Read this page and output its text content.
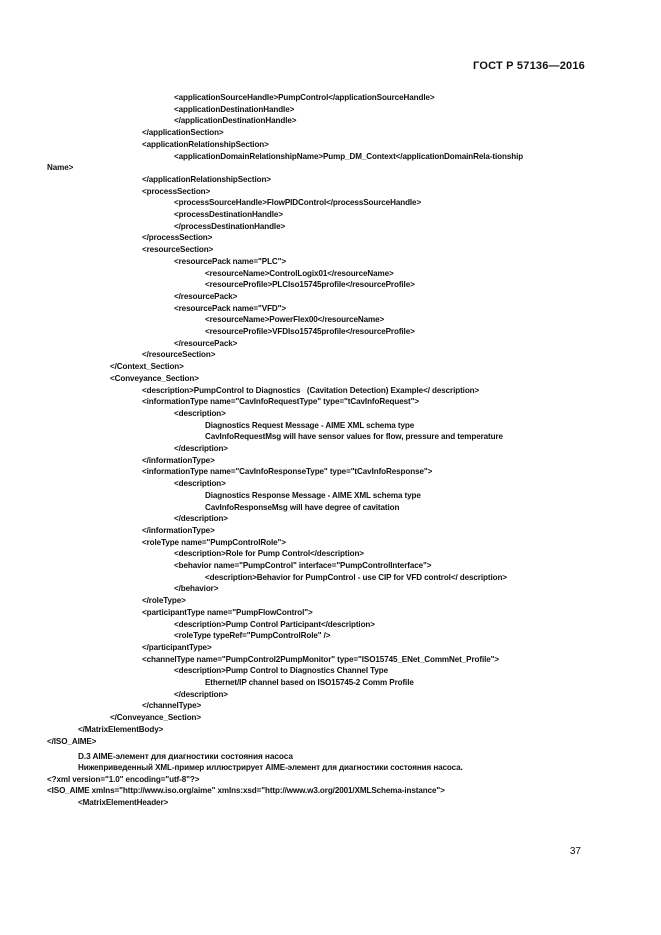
ГОСТ Р 57136—2016
<applicationSourceHandle>PumpControl</applicationSourceHandle>
<applicationDestinationHandle>
</applicationDestinationHandle>
</applicationSection>
<applicationRelationshipSection>
<applicationDomainRelationshipName>Pump_DM_Context</applicationDomainRela-tionship
Name>
</applicationRelationshipSection>
<processSection>
<processSourceHandle>FlowPIDControl</processSourceHandle>
<processDestinationHandle>
</processDestinationHandle>
</processSection>
<resourceSection>
<resourcePack name="PLC">
<resourceName>ControlLogix01</resourceName>
<resourceProfile>PLCIso15745profile</resourceProfile>
</resourcePack>
<resourcePack name="VFD">
<resourceName>PowerFlex00</resourceName>
<resourceProfile>VFDIso15745profile</resourceProfile>
</resourcePack>
</resourceSection>
</Context_Section>
<Conveyance_Section>
<description>PumpControl to Diagnostics   (Cavitation Detection) Example</ description>
<informationType name="CavInfoRequestType" type="tCavInfoRequest">
<description>
Diagnostics Request Message - AIME XML schema type
CavInfoRequestMsg will have sensor values for flow, pressure and temperature
</description>
</informationType>
<informationType name="CavInfoResponseType" type="tCavInfoResponse">
<description>
Diagnostics Response Message - AIME XML schema type
CavInfoResponseMsg will have degree of cavitation
</description>
</informationType>
<roleType name="PumpControlRole">
<description>Role for Pump Control</description>
<behavior name="PumpControl" interface="PumpControlInterface">
<description>Behavior for PumpControl - use CIP for VFD control</ description>
</behavior>
</roleType>
<participantType name="PumpFlowControl">
<description>Pump Control Participant</description>
<roleType typeRef="PumpControlRole" />
</participantType>
<channelType name="PumpControl2PumpMonitor" type="ISO15745_ENet_CommNet_Profile">
<description>Pump Control to Diagnostics Channel Type
Ethernet/IP channel based on ISO15745-2 Comm Profile
</description>
</channelType>
</Conveyance_Section>
</MatrixElementBody>
</ISO_AIME>
D.3 AIME-элемент для диагностики состояния насоса
Нижеприведенный XML-пример иллюстрирует AIME-элемент для диагностики состояния насоса.
<?xml version="1.0" encoding="utf-8"?>
<ISO_AIME xmlns="http://www.iso.org/aime" xmlns:xsd="http://www.w3.org/2001/XMLSchema-instance">
<MatrixElementHeader>
37
